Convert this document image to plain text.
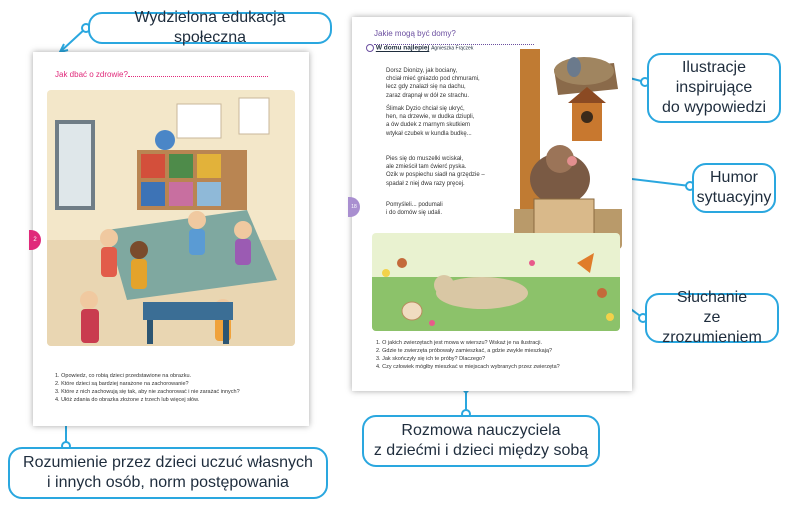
Jak dbać o zdrowie?
2
1. Opowiedz, co robią dzieci przedstawione na obrazku.
2. Które dzieci są bardziej narażone na zachorowanie?
3. Które z nich zachowują się tak, aby nie zachorować i nie zarażać innych?
4. Ułóż zdania do obrazka złożone z trzech lub więcej słów.
Jakie mogą być domy?
W domu najlepiej Agnieszka Frączek
18
Dorsz Dionizy, jak bociany,
chciał mieć gniazdo pod chmurami,
lecz gdy znalazł się na dachu,
zaraz drapnął w dół ze strachu.
Ślimak Dyzio chciał się ukryć,
hen, na drzewie, w dudka dziupli,
a ów dudek z marnym skutkiem
wtykał czubek w kundla budkę...
Pies się do muszelki wciskał,
ale zmieścił tam ćwierć pyska.
Ozik w pospiechu siadł na grzędzie –
spadał z niej dwa razy pręcej.
Pomyśleli... podumali
i do domów się udali.
1. O jakich zwierzętach jest mowa w wierszu? Wskaż je na ilustracji.
2. Gdzie te zwierzęta próbowały zamieszkać, a gdzie zwykle mieszkają?
3. Jak skończyły się ich te próby? Dlaczego?
4. Czy człowiek mógłby mieszkać w miejscach wybranych przez zwierzęta?
Wydzielona edukacja społeczna
Ilustracje
inspirujące
do wypowiedzi
Humor
sytuacyjny
Słuchanie
ze zrozumieniem
Rozmowa nauczyciela
z dziećmi i dzieci między sobą
Rozumienie przez dzieci uczuć własnych
i innych osób, norm postępowania
